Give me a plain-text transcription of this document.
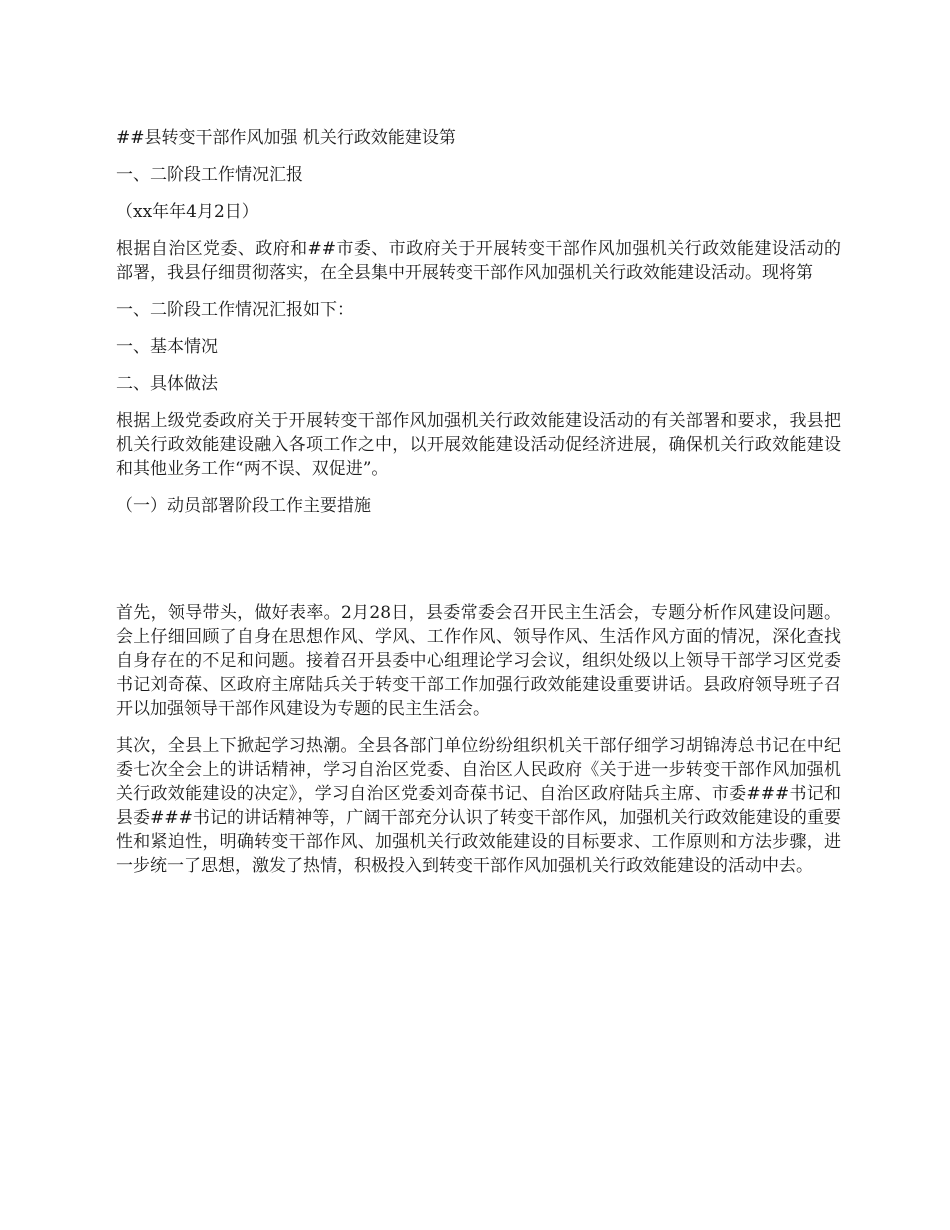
##县转变干部作风加强 机关行政效能建设第

一、二阶段工作情况汇报

（xx年年4月2日）

根据自治区党委、政府和##市委、市政府关于开展转变干部作风加强机关行政效能建设活动的部署，我县仔细贯彻落实，在全县集中开展转变干部作风加强机关行政效能建设活动。现将第

一、二阶段工作情况汇报如下：

一、基本情况

二、具体做法

根据上级党委政府关于开展转变干部作风加强机关行政效能建设活动的有关部署和要求，我县把机关行政效能建设融入各项工作之中，以开展效能建设活动促经济进展，确保机关行政效能建设和其他业务工作“两不误、双促进”。

（一）动员部署阶段工作主要措施

首先，领导带头，做好表率。2月28日，县委常委会召开民主生活会，专题分析作风建设问题。会上仔细回顾了自身在思想作风、学风、工作作风、领导作风、生活作风方面的情况，深化查找自身存在的不足和问题。接着召开县委中心组理论学习会议，组织处级以上领导干部学习区党委书记刘奇葆、区政府主席陆兵关于转变干部工作加强行政效能建设重要讲话。县政府领导班子召开以加强领导干部作风建设为专题的民主生活会。

其次，全县上下掀起学习热潮。全县各部门单位纷纷组织机关干部仔细学习胡锦涛总书记在中纪委七次全会上的讲话精神，学习自治区党委、自治区人民政府《关于进一步转变干部作风加强机关行政效能建设的决定》，学习自治区党委刘奇葆书记、自治区政府陆兵主席、市委###书记和县委###书记的讲话精神等，广阔干部充分认识了转变干部作风，加强机关行政效能建设的重要性和紧迫性，明确转变干部作风、加强机关行政效能建设的目标要求、工作原则和方法步骤，进一步统一了思想，激发了热情，积极投入到转变干部作风加强机关行政效能建设的活动中去。
